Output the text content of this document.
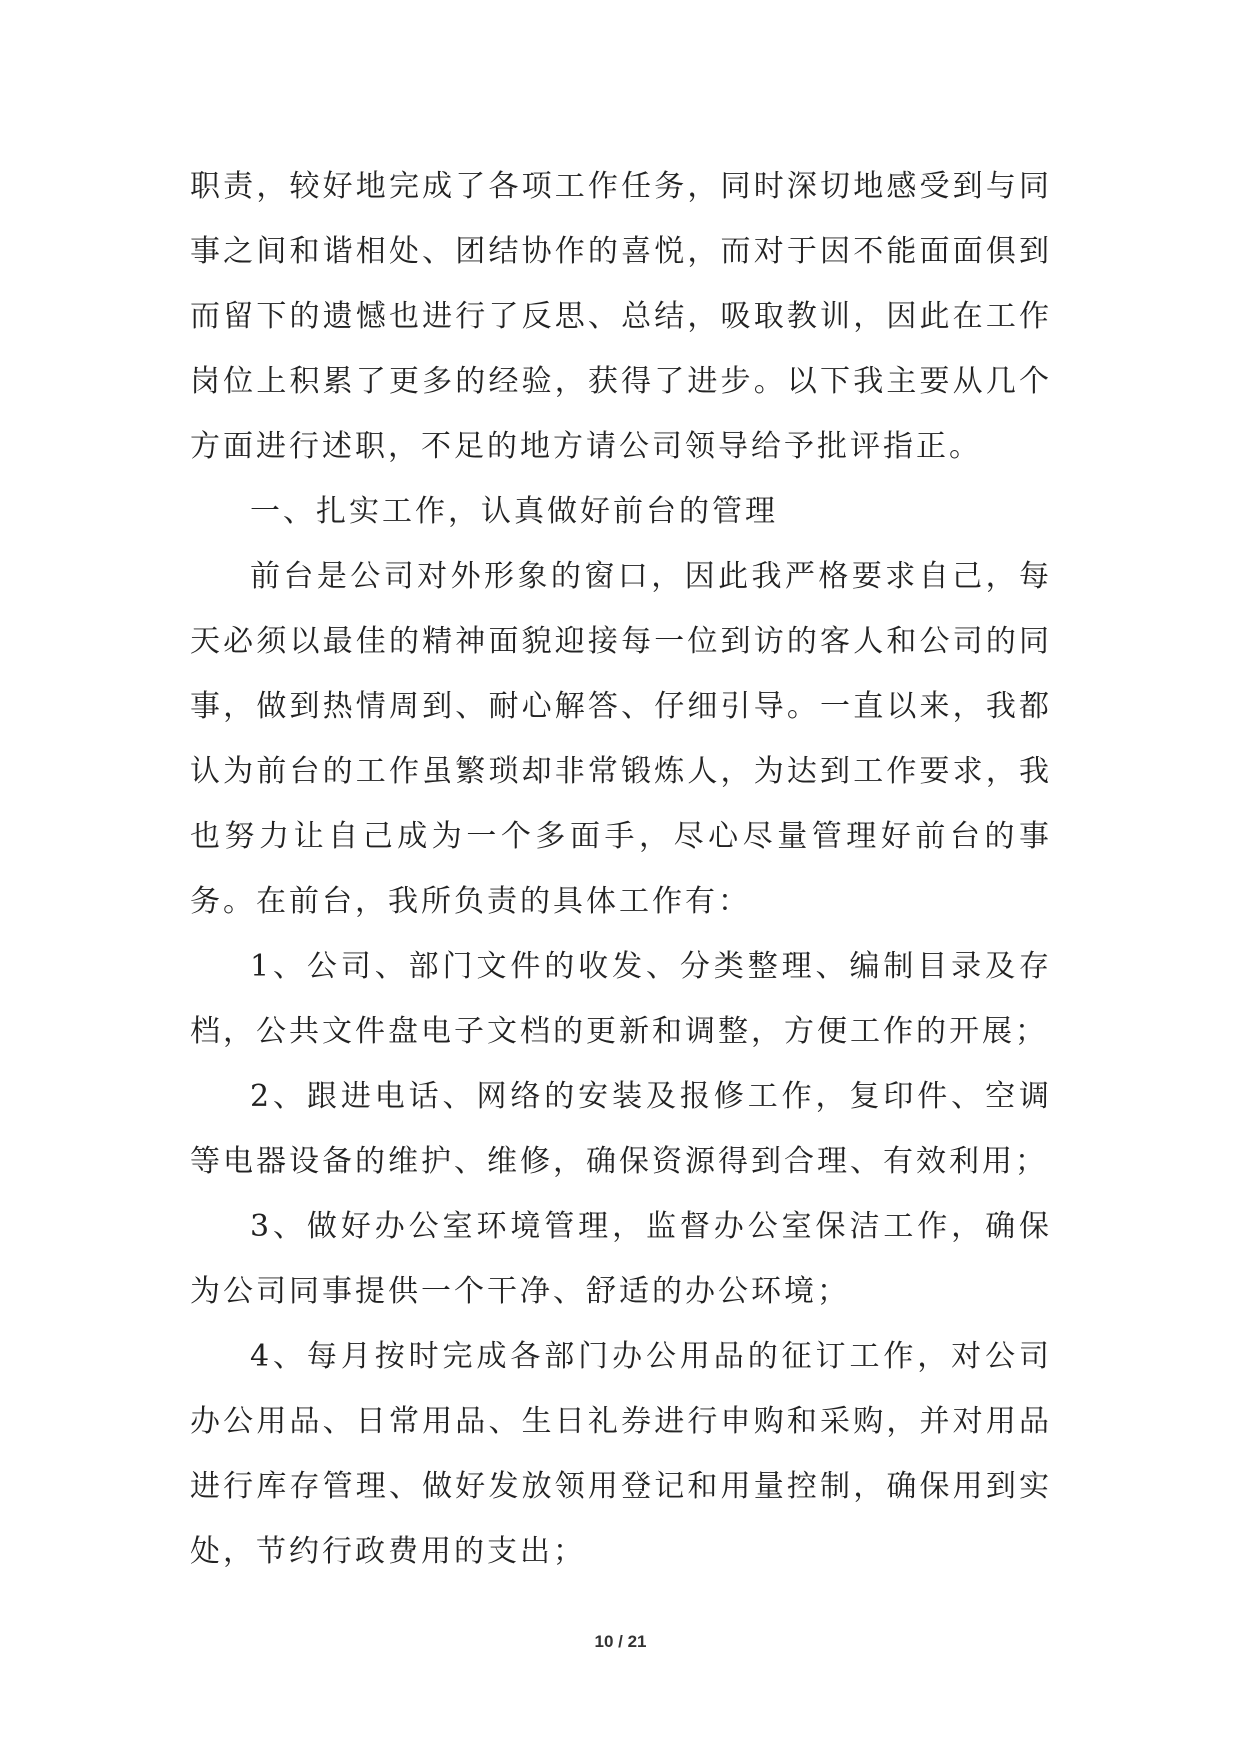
职责，较好地完成了各项工作任务，同时深切地感受到与同事之间和谐相处、团结协作的喜悦，而对于因不能面面俱到而留下的遗憾也进行了反思、总结，吸取教训，因此在工作岗位上积累了更多的经验，获得了进步。以下我主要从几个方面进行述职，不足的地方请公司领导给予批评指正。

一、扎实工作，认真做好前台的管理

前台是公司对外形象的窗口，因此我严格要求自己，每天必须以最佳的精神面貌迎接每一位到访的客人和公司的同事，做到热情周到、耐心解答、仔细引导。一直以来，我都认为前台的工作虽繁琐却非常锻炼人，为达到工作要求，我也努力让自己成为一个多面手，尽心尽量管理好前台的事务。在前台，我所负责的具体工作有：

1、公司、部门文件的收发、分类整理、编制目录及存档，公共文件盘电子文档的更新和调整，方便工作的开展；

2、跟进电话、网络的安装及报修工作，复印件、空调等电器设备的维护、维修，确保资源得到合理、有效利用；

3、做好办公室环境管理，监督办公室保洁工作，确保为公司同事提供一个干净、舒适的办公环境；

4、每月按时完成各部门办公用品的征订工作，对公司办公用品、日常用品、生日礼券进行申购和采购，并对用品进行库存管理、做好发放领用登记和用量控制，确保用到实处，节约行政费用的支出；

10 / 21
